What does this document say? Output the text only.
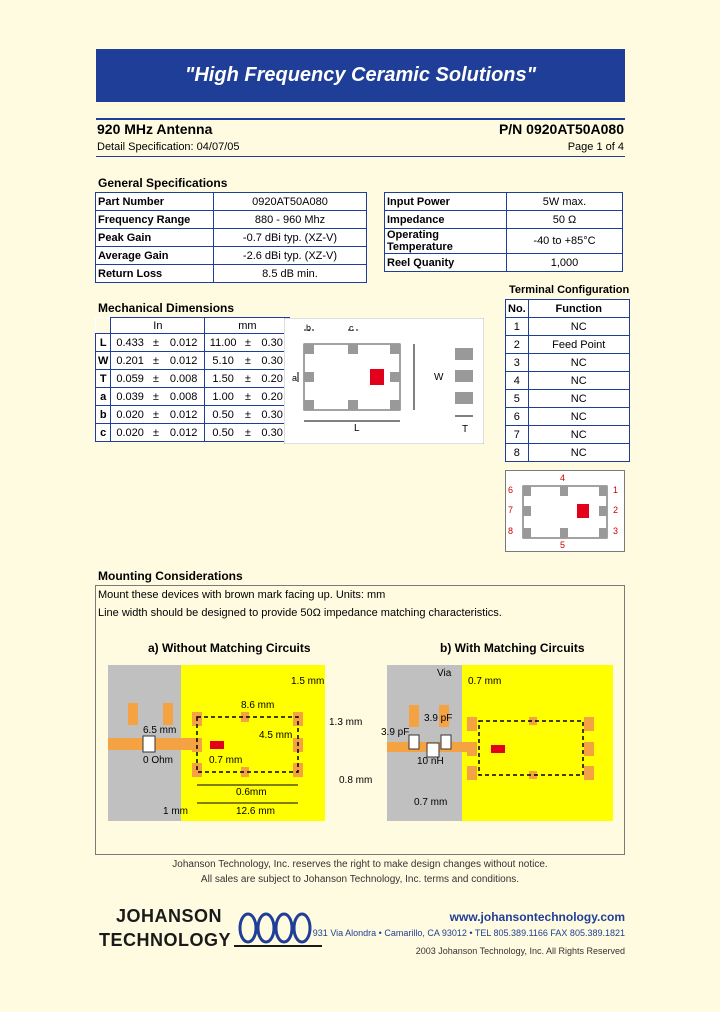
"High Frequency Ceramic Solutions"
920 MHz Antenna	P/N 0920AT50A080
Detail Specification: 04/07/05	Page 1 of 4
General Specifications
Part Number	0920AT50A080
Frequency Range	880 - 960 Mhz
Peak Gain	-0.7 dBi typ. (XZ-V)
Average Gain	-2.6 dBi typ. (XZ-V)
Return Loss	8.5 dB min.
Input Power	5W max.
Impedance	50 Ω
Operating Temperature	-40 to +85°C
Reel Quanity	1,000
Mechanical Dimensions
	In			mm		
L	0.433	±	0.012	11.00	±	0.30
W	0.201	±	0.012	5.10	±	0.30
T	0.059	±	0.008	1.50	±	0.20
a	0.039	±	0.008	1.00	±	0.20
b	0.020	±	0.012	0.50	±	0.30
c	0.020	±	0.012	0.50	±	0.30
b	c
a	W
L	T
Terminal Configuration
No.	Function
1	NC
2	Feed Point
3	NC
4	NC
5	NC
6	NC
7	NC
8	NC
4
5
1
2
3
6
7
8
Mounting Considerations
Mount these devices with brown mark facing up. Units: mm
Line width should be designed to provide 50Ω impedance matching characteristics.
a) Without Matching Circuits	b) With Matching Circuits
1.5 mm
8.6 mm
6.5 mm	4.5 mm
1.3 mm
0 Ohm	0.7 mm
0.6mm
0.8 mm
1 mm	12.6 mm
Via
0.7 mm
3.9 pF
3.9 pF
10 nH
0.7 mm
Johanson Technology, Inc. reserves the right to make design changes without notice.
All sales are subject to Johanson Technology, Inc. terms and conditions.
JOHANSON
TECHNOLOGY
www.johansontechnology.com
931 Via Alondra • Camarillo, CA 93012 • TEL 805.389.1166 FAX 805.389.1821
2003 Johanson Technology, Inc. All Rights Reserved
